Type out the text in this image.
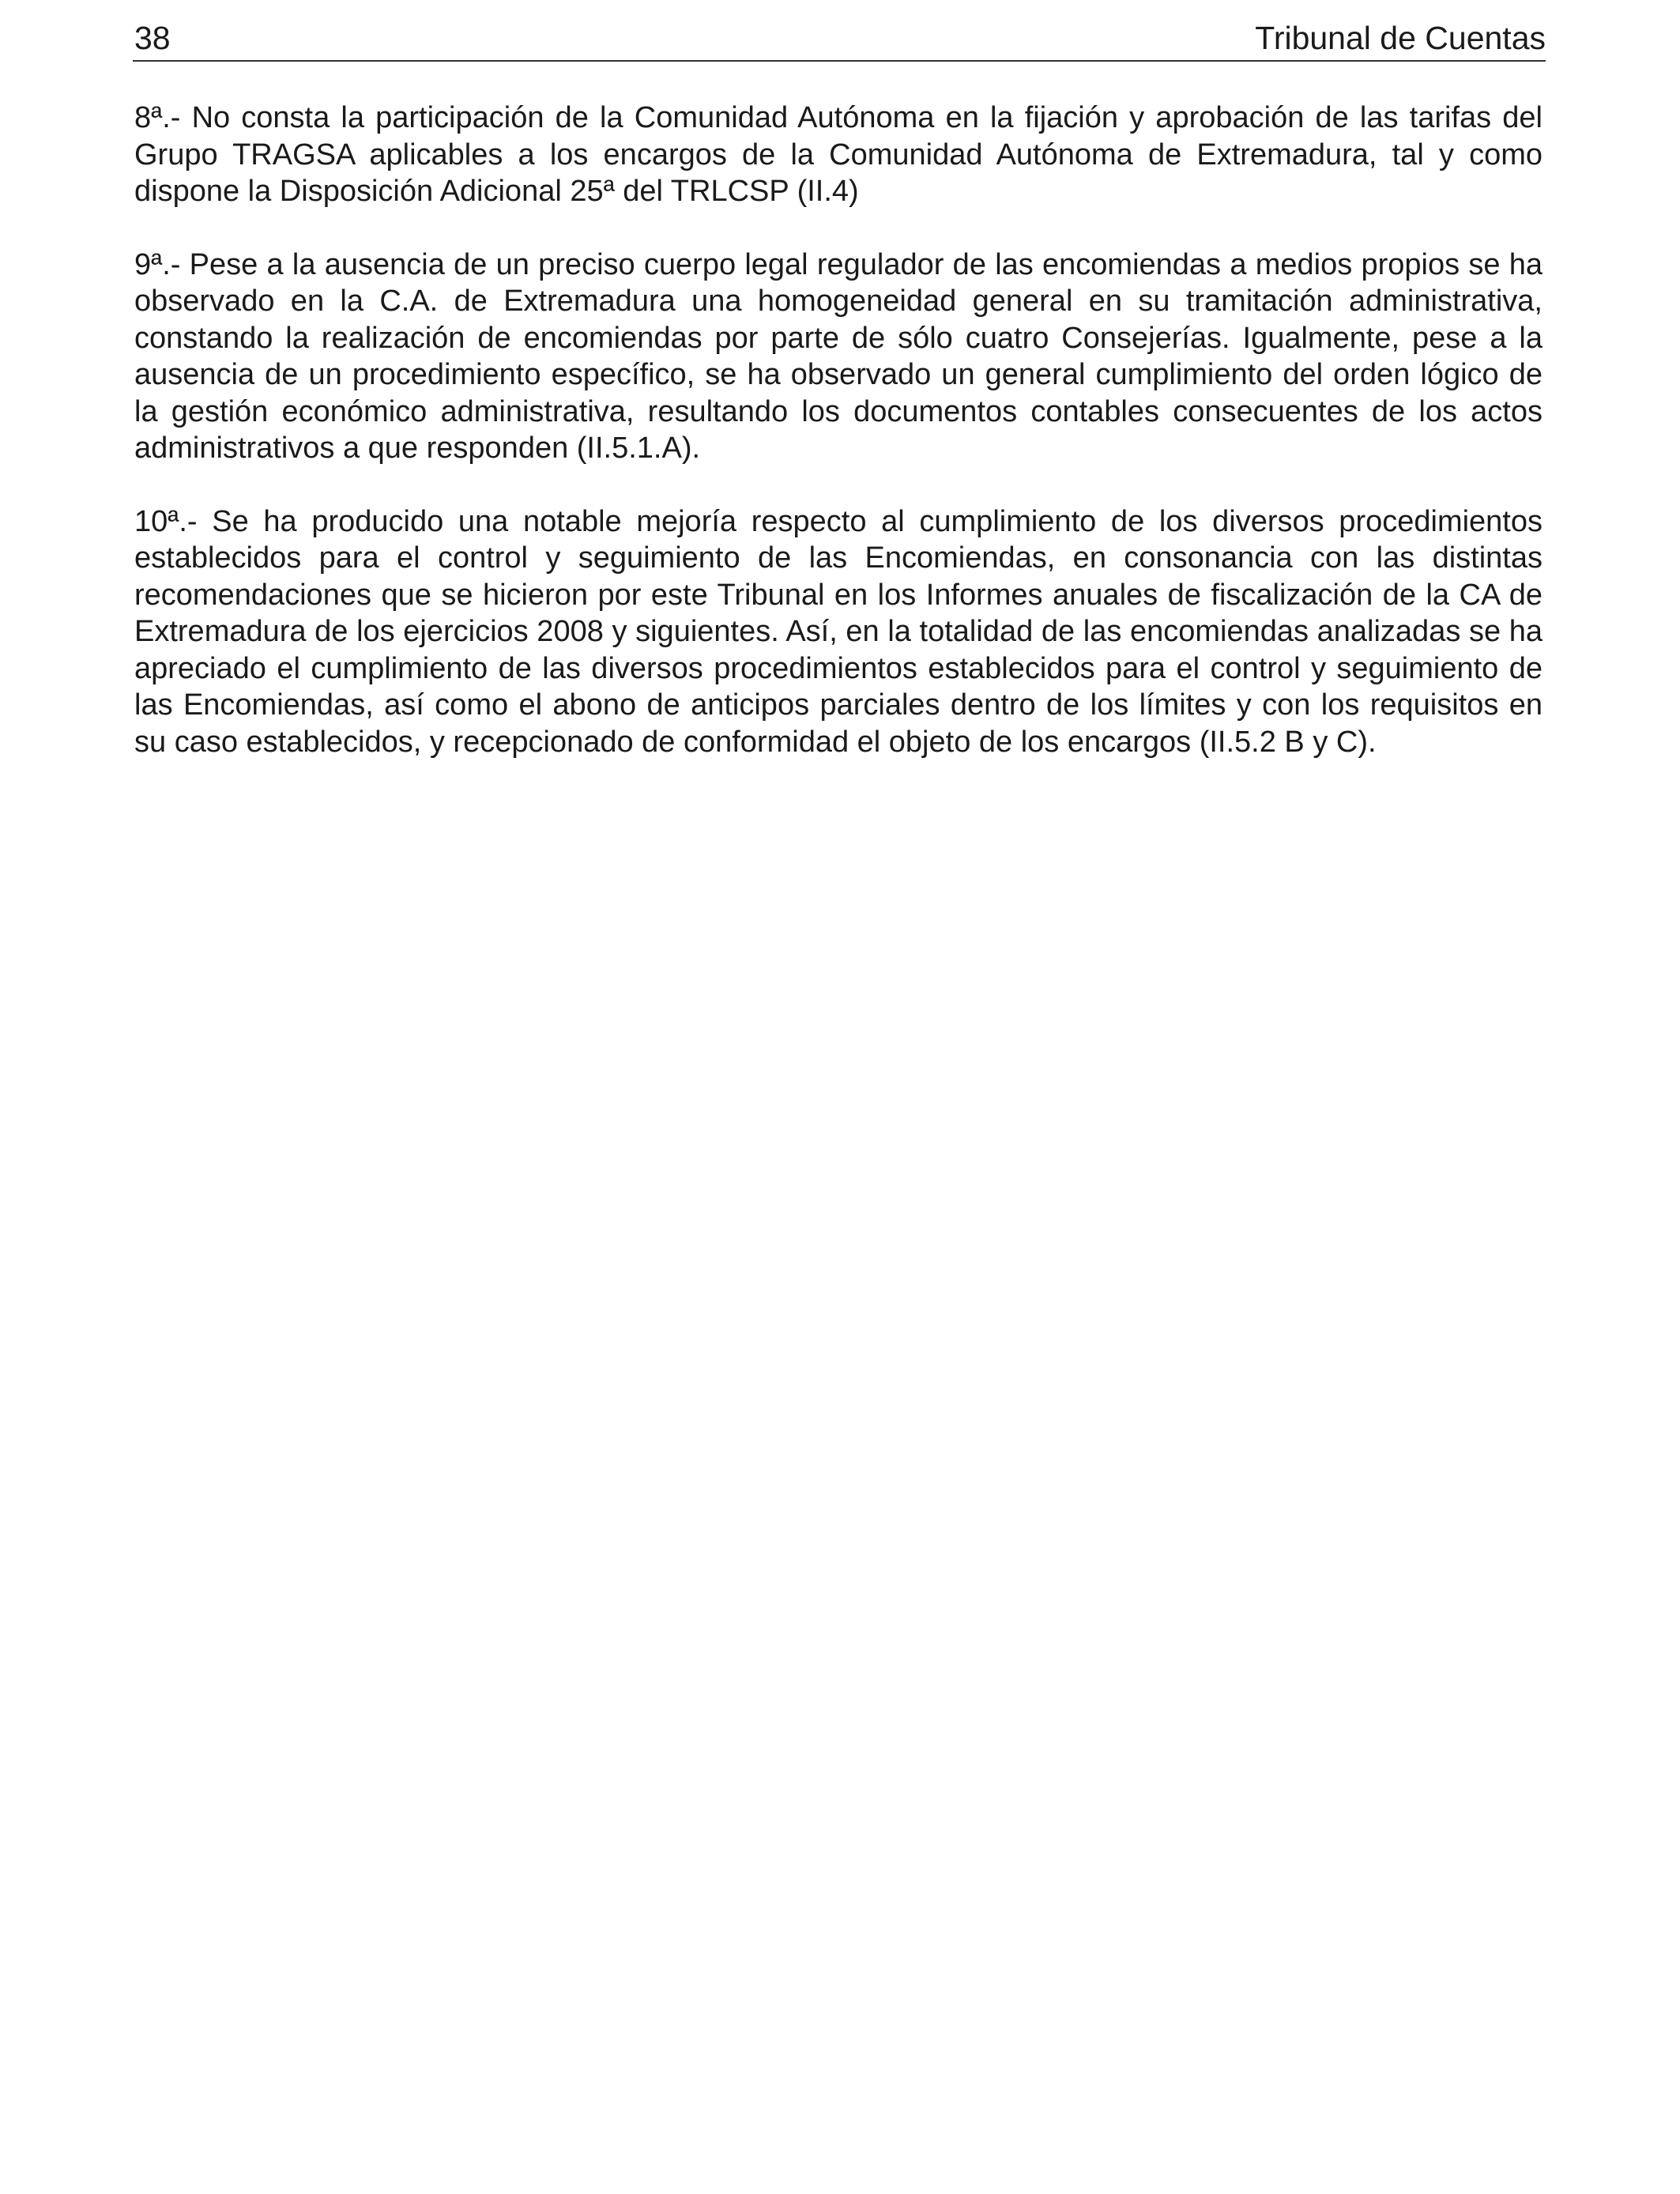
38	Tribunal de Cuentas

8ª.- No consta la participación de la Comunidad Autónoma en la fijación y aprobación de las tarifas del Grupo TRAGSA aplicables a los encargos de la Comunidad Autónoma de Extremadura, tal y como dispone la Disposición Adicional 25ª del TRLCSP (II.4)

9ª.- Pese a la ausencia de un preciso cuerpo legal regulador de las encomiendas a medios propios se ha observado en la C.A. de Extremadura una homogeneidad general en su tramitación administrativa, constando la realización de encomiendas por parte de sólo cuatro Consejerías. Igualmente, pese a la ausencia de un procedimiento específico, se ha observado un general cumplimiento del orden lógico de la gestión económico administrativa, resultando los documentos contables consecuentes de los actos administrativos a que responden (II.5.1.A).

10ª.- Se ha producido una notable mejoría respecto al cumplimiento de los diversos procedimientos establecidos para el control y seguimiento de las Encomiendas, en consonancia con las distintas recomendaciones que se hicieron por este Tribunal en los Informes anuales de fiscalización de la CA de Extremadura de los ejercicios 2008 y siguientes. Así, en la totalidad de las encomiendas analizadas se ha apreciado el cumplimiento de las diversos procedimientos establecidos para el control y seguimiento de las Encomiendas, así como el abono de anticipos parciales dentro de los límites y con los requisitos en su caso establecidos, y recepcionado de conformidad el objeto de los encargos (II.5.2 B y C).
